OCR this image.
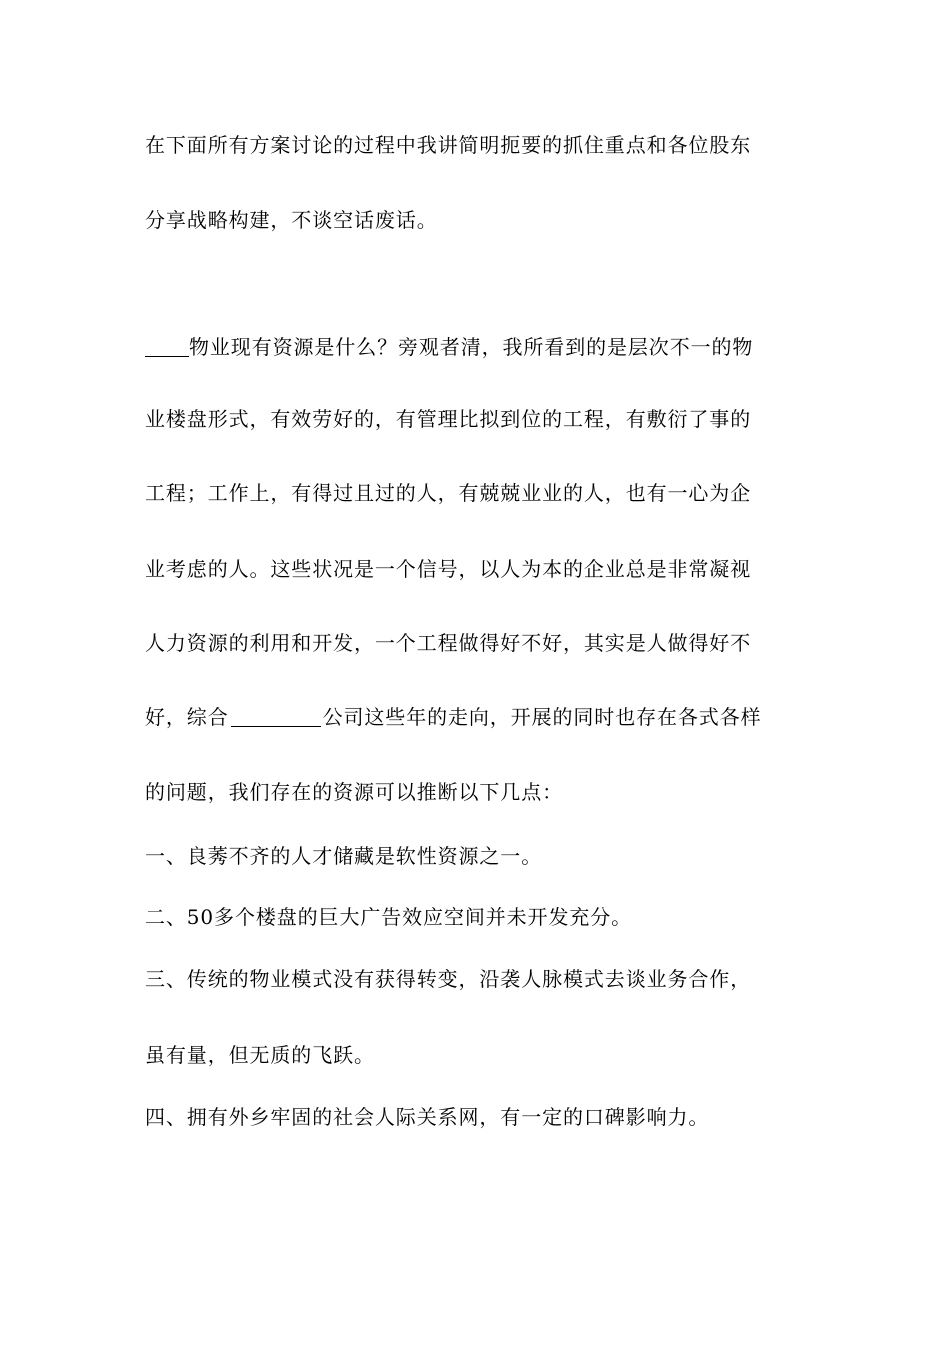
在下面所有方案讨论的过程中我讲简明扼要的抓住重点和各位股东
分享战略构建，不谈空话废话。
物业现有资源是什么？旁观者清，我所看到的是层次不一的物
业楼盘形式，有效劳好的，有管理比拟到位的工程，有敷衍了事的
工程；工作上，有得过且过的人，有兢兢业业的人，也有一心为企
业考虑的人。这些状况是一个信号，以人为本的企业总是非常凝视
人力资源的利用和开发，一个工程做得好不好，其实是人做得好不
好，综合	公司这些年的走向，开展的同时也存在各式各样
的问题，我们存在的资源可以推断以下几点：
一、良莠不齐的人才储藏是软性资源之一。
二、50多个楼盘的巨大广告效应空间并未开发充分。
三、传统的物业模式没有获得转变，沿袭人脉模式去谈业务合作，
虽有量，但无质的飞跃。
四、拥有外乡牢固的社会人际关系网，有一定的口碑影响力。
